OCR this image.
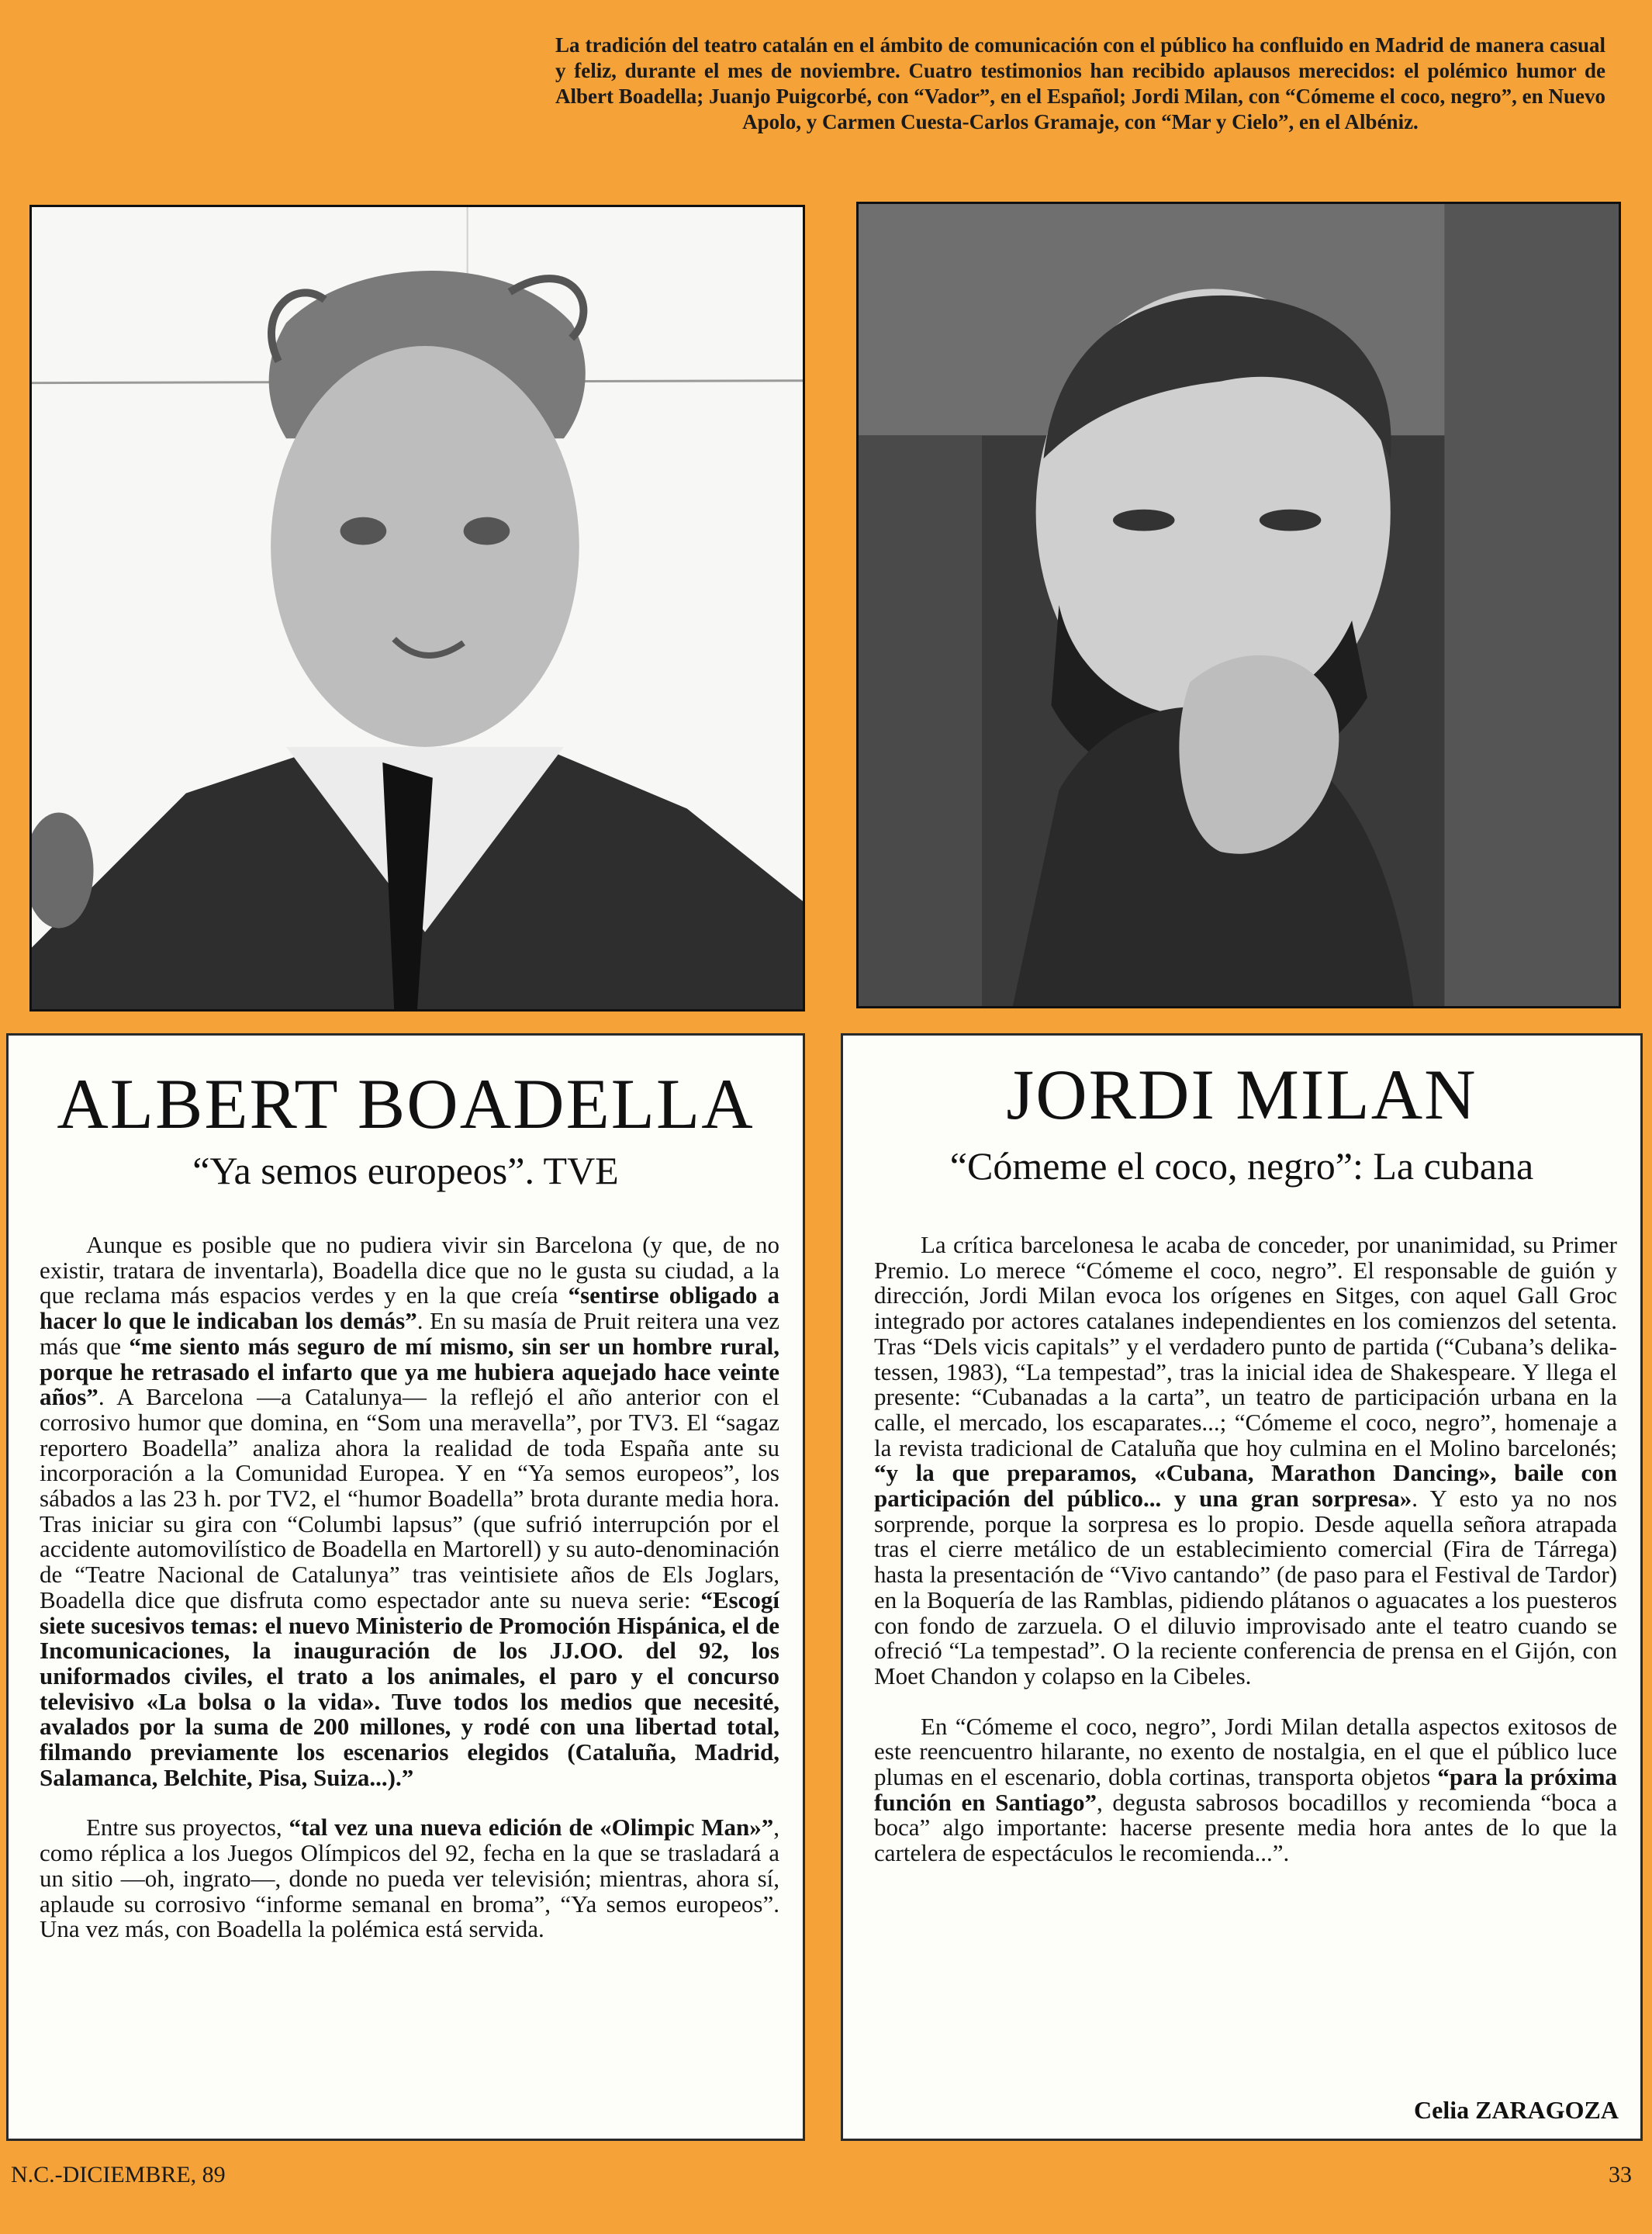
La tradición del teatro catalán en el ámbito de comunicación con el público ha confluido en Madrid de manera casual y feliz, durante el mes de noviembre. Cuatro testimonios han recibido aplausos merecidos: el polémico humor de Albert Boadella; Juanjo Puigcorbé, con “Vador”, en el Español; Jordi Milan, con “Cómeme el coco, negro”, en Nuevo Apolo, y Carmen Cuesta-Carlos Gramaje, con “Mar y Cielo”, en el Albéniz.
ALBERT BOADELLA
“Ya semos europeos”. TVE

Aunque es posible que no pudiera vivir sin Barcelona (y que, de no existir, tratara de inventarla), Boadella dice que no le gusta su ciudad, a la que reclama más espacios verdes y en la que creía “sentirse obligado a hacer lo que le indicaban los demás”. En su masía de Pruit reitera una vez más que “me siento más seguro de mí mismo, sin ser un hombre rural, porque he retrasado el infarto que ya me hubiera aquejado hace veinte años”. A Barcelona —a Catalunya— la reflejó el año anterior con el corrosivo humor que domina, en “Som una meravella”, por TV3. El “sagaz reportero Boadella” analiza ahora la realidad de toda España ante su incorporación a la Comunidad Europea. Y en “Ya semos europeos”, los sábados a las 23 h. por TV2, el “humor Boadella” brota durante media hora. Tras iniciar su gira con “Columbi lapsus” (que sufrió interrupción por el accidente automovilístico de Boadella en Martorell) y su auto-denominación de “Teatre Nacional de Catalunya” tras veintisiete años de Els Joglars, Boadella dice que disfruta como espectador ante su nueva serie: “Escogí siete sucesivos temas: el nuevo Ministerio de Promoción Hispánica, el de Incomunicaciones, la inauguración de los JJ.OO. del 92, los uniformados civiles, el trato a los animales, el paro y el concurso televisivo «La bolsa o la vida». Tuve todos los medios que necesité, avalados por la suma de 200 millones, y rodé con una libertad total, filmando previamente los escenarios elegidos (Cataluña, Madrid, Salamanca, Belchite, Pisa, Suiza...).”

Entre sus proyectos, “tal vez una nueva edición de «Olimpic Man»”, como réplica a los Juegos Olímpicos del 92, fecha en la que se trasladará a un sitio —oh, ingrato—, donde no pueda ver televisión; mientras, ahora sí, aplaude su corrosivo “informe semanal en broma”, “Ya semos europeos”. Una vez más, con Boadella la polémica está servida.

JORDI MILAN
“Cómeme el coco, negro”: La cubana

La crítica barcelonesa le acaba de conceder, por unanimidad, su Primer Premio. Lo merece “Cómeme el coco, negro”. El responsable de guión y dirección, Jordi Milan evoca los orígenes en Sitges, con aquel Gall Groc integrado por actores catalanes independientes en los comienzos del setenta. Tras “Dels vicis capitals” y el verdadero punto de partida (“Cubana’s delika-tessen, 1983), “La tempestad”, tras la inicial idea de Shakespeare. Y llega el presente: “Cubanadas a la carta”, un teatro de participación urbana en la calle, el mercado, los escaparates...; “Cómeme el coco, negro”, homenaje a la revista tradicional de Cataluña que hoy culmina en el Molino barcelonés; “y la que preparamos, «Cubana, Marathon Dancing», baile con participación del público... y una gran sorpresa». Y esto ya no nos sorprende, porque la sorpresa es lo propio. Desde aquella señora atrapada tras el cierre metálico de un establecimiento comercial (Fira de Tárrega) hasta la presentación de “Vivo cantando” (de paso para el Festival de Tardor) en la Boquería de las Ramblas, pidiendo plátanos o aguacates a los puesteros con fondo de zarzuela. O el diluvio improvisado ante el teatro cuando se ofreció “La tempestad”. O la reciente conferencia de prensa en el Gijón, con Moet Chandon y colapso en la Cibeles.

En “Cómeme el coco, negro”, Jordi Milan detalla aspectos exitosos de este reencuentro hilarante, no exento de nostalgia, en el que el público luce plumas en el escenario, dobla cortinas, transporta objetos “para la próxima función en Santiago”, degusta sabrosos bocadillos y recomienda “boca a boca” algo importante: hacerse presente media hora antes de lo que la cartelera de espectáculos le recomienda...”.

Celia ZARAGOZA
N.C.-DICIEMBRE, 89	33
